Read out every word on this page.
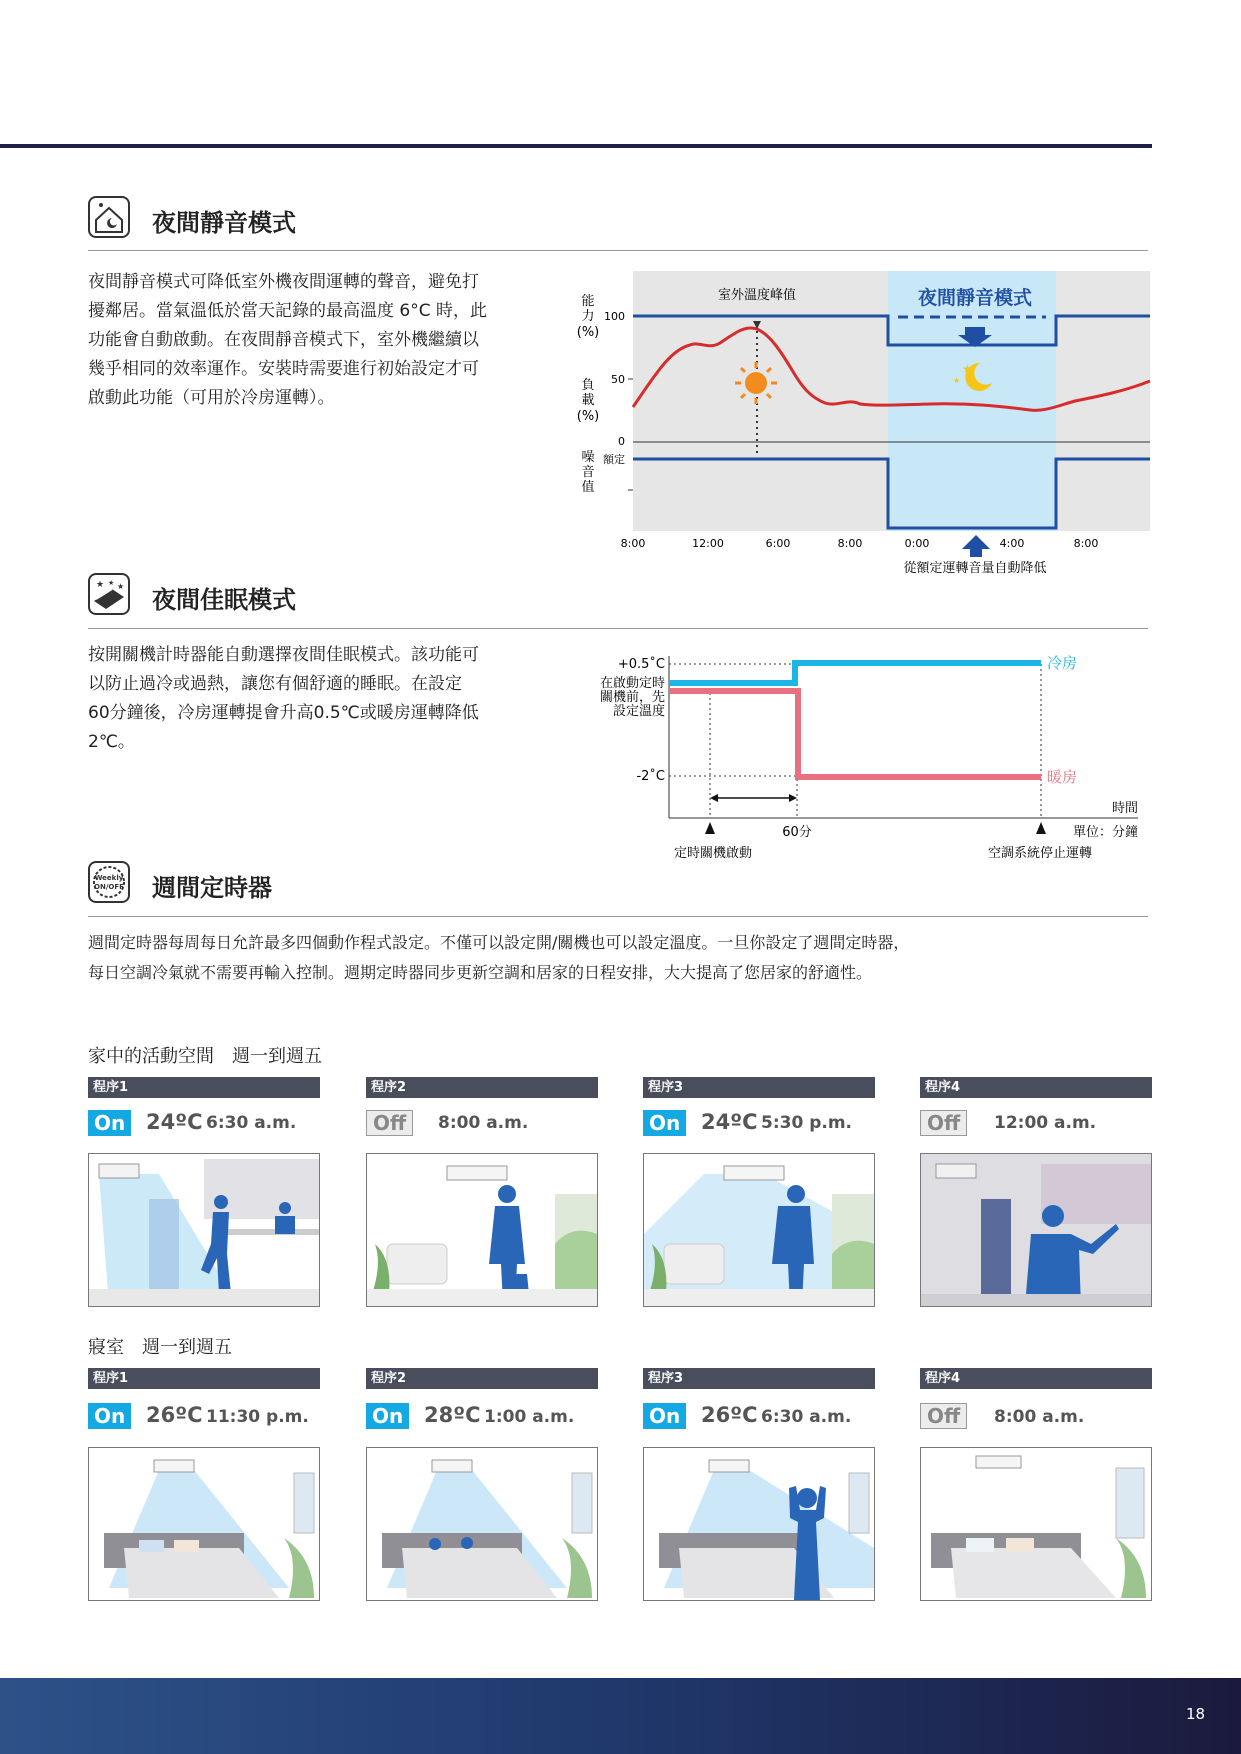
夜間靜音模式
夜間靜音模式可降低室外機夜間運轉的聲音，避免打
擾鄰居。當氣溫低於當天記錄的最高溫度 6°C 時，此
功能會自動啟動。在夜間靜音模式下，室外機繼續以
幾乎相同的效率運作。安裝時需要進行初始設定才可
啟動此功能（可用於冷房運轉）。
能
力
(%)
負
載
(%)
噪
音
值
100
50
0
額定
室外溫度峰值	夜間靜音模式
★
★
8:00	12:00	6:00	8:00	0:00	4:00	8:00
從額定運轉音量自動降低
★ ★ ★ 夜間佳眠模式
按開關機計時器能自動選擇夜間佳眠模式。該功能可
以防止過冷或過熱，讓您有個舒適的睡眠。在設定
60分鐘後，冷房運轉提會升高0.5℃或暖房運轉降低
2℃。
+0.5˚C
在啟動定時
關機前，先
設定溫度
-2˚C
冷房
暖房
時間
60分	單位：分鐘
定時關機啟動	空調系統停止運轉
Weekly
ON/OFF 週間定時器
週間定時器每周每日允許最多四個動作程式設定。不僅可以設定開/關機也可以設定溫度。一旦你設定了週間定時器，
每日空調冷氣就不需要再輸入控制。週期定時器同步更新空調和居家的日程安排，大大提高了您居家的舒適性。
家中的活動空間　週一到週五
程序1
On 24ºC 6:30 a.m.
程序2
Off	8:00 a.m.
程序3
On 24ºC 5:30 p.m.
程序4
Off	12:00 a.m.
寢室　週一到週五
程序1
On 26ºC 11:30 p.m.
程序2
On 28ºC 1:00 a.m.
程序3
On 26ºC 6:30 a.m.
程序4
Off	8:00 a.m.
18
